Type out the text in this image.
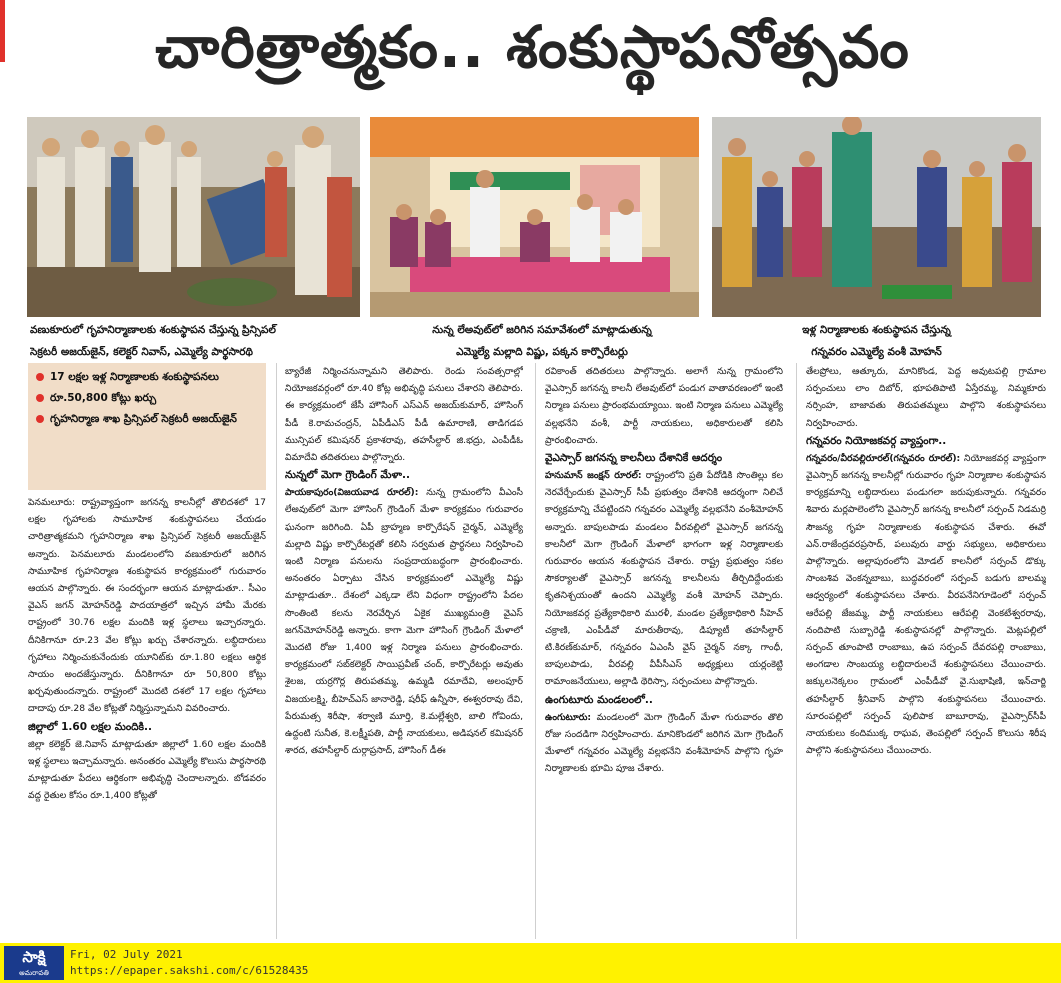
చారిత్రాత్మకం.. శంకుస్థాపనోత్సవం
వణుకూరులో గృహనిర్మాణాలకు శంకుస్థాపన చేస్తున్న ప్రిన్సిపల్
సెక్రటరీ అజయ్‌జైన్, కలెక్టర్ నివాస్, ఎమ్మెల్యే పార్థసారథి
నున్న లేఅవుట్‌లో జరిగిన సమావేశంలో మాట్లాడుతున్న
ఎమ్మెల్యే మల్లాది విష్ణు, పక్కన కార్పొరేటర్లు
ఇళ్ల నిర్మాణాలకు శంకుస్థాపన చేస్తున్న
గన్నవరం ఎమ్మెల్యే వంశీ మోహన్
17 లక్షల ఇళ్ల నిర్మాణాలకు శంకుస్థాపనలు
రూ.50,800 కోట్లు ఖర్చు
గృహనిర్మాణ శాఖ ప్రిన్సిపల్ సెక్రటరీ అజయ్‌జైన్

పెనమలూరు: రాష్ట్రవ్యాప్తంగా జగనన్న కాలనీల్లో తొలిదశలో 17 లక్షల గృహాలకు సామూహిక శంకుస్థాపనలు చేయడం చారిత్రాత్మకమని గృహనిర్మాణ శాఖ ప్రిన్సిపల్ సెక్రటరీ అజయ్‌జైన్ అన్నారు. పెనమలూరు మండలంలోని వణుకూరులో జరిగిన సామూహిక గృహనిర్మాణ శంకుస్థాపన కార్యక్రమంలో గురువారం ఆయన పాల్గొన్నారు. ఈ సందర్భంగా ఆయన మాట్లాడుతూ.. సీఎం వైఎస్ జగన్ మోహన్‌రెడ్డి పాదయాత్రలో ఇచ్చిన హామీ మేరకు రాష్ట్రంలో 30.76 లక్షల మందికి ఇళ్ల స్థలాలు ఇచ్చారన్నారు. దీనికిగానూ రూ.23 వేల కోట్లు ఖర్చు చేశారన్నారు. లబ్ధిదారులు గృహాలు నిర్మించుకునేందుకు యూనిట్‌కు రూ.1.80 లక్షలు ఆర్థిక సాయం అందజేస్తున్నారు. దీనికిగానూ రూ 50,800 కోట్లు ఖర్చవుతుందన్నారు. రాష్ట్రంలో మొదటి దశలో 17 లక్షల గృహాలు దాదాపు రూ.28 వేల కోట్లతో నిర్మిస్తున్నామని వివరించారు.

జిల్లాలో 1.60 లక్షల మందికి..

జిల్లా కలెక్టర్ జె.నివాస్ మాట్లాడుతూ జిల్లాలో 1.60 లక్షల మందికి ఇళ్ల స్థలాలు ఇచ్చామన్నారు. అనంతరం ఎమ్మెల్యే కొలుసు పార్థసారథి మాట్లాడుతూ పేదలు ఆర్థికంగా అభివృద్ధి చెందాలన్నారు. బోడవరం వద్ద రైతుల కోసం రూ.1,400 కోట్లతో

బ్యారేజీ నిర్మించనున్నామని తెలిపారు. రెండు సంవత్సరాల్లో నియోజకవర్గంలో రూ.40 కోట్ల అభివృద్ధి పనులు చేశారని తెలిపారు. ఈ కార్యక్రమంలో జేసీ హౌసింగ్ ఎస్ఎన్ అజయ్‌కుమార్, హౌసింగ్ పీడీ కె.రామచంద్రన్, ఏపీడీఎస్ పీడీ ఉమారాణి, తాడిగడప మున్సిపల్ కమిషనర్ ప్రకాశరావు, తహసీల్దార్ జి.భద్రు, ఎంపీడీఓ విమాదేవి తదితరులు పాల్గొన్నారు.

నున్నలో మెగా గ్రౌండింగ్ మేళా..

పాయకాపురం(విజయవాడ రూరల్): నున్న గ్రామంలోని వీఎంసీ లేఅవుట్‌లో మెగా హౌసింగ్ గ్రౌండింగ్ మేళా కార్యక్రమం గురువారం ఘనంగా జరిగింది. ఏపీ బ్రాహ్మణ కార్పొరేషన్ చైర్మన్, ఎమ్మెల్యే మల్లాది విష్ణు కార్పొరేటర్లతో కలిసి సర్వమత ప్రార్థనలు నిర్వహించి ఇంటి నిర్మాణ పనులను సంప్రదాయబద్ధంగా ప్రారంభించారు. అనంతరం ఏర్పాటు చేసిన కార్యక్రమంలో ఎమ్మెల్యే విష్ణు మాట్లాడుతూ.. దేశంలో ఎక్కడా లేని విధంగా రాష్ట్రంలోని పేదల సొంతింటి కలను నెరవేర్చిన ఏకైక ముఖ్యమంత్రి వైఎస్ జగన్‌మోహన్‌రెడ్డి అన్నారు. కాగా మెగా హౌసింగ్ గ్రౌండింగ్ మేళాలో మొదటి రోజు 1,400 ఇళ్ల నిర్మాణ పనులు ప్రారంభించారు. కార్యక్రమంలో సబ్‌కలెక్టర్ సాయిప్రవీణ్ చంద్, కార్పొరేటర్లు అవుతు శైలజ, యర్రగొర్ల తిరుపతమ్మ, ఉమ్మడి రమాదేవి, అలంపూర్ విజయలక్ష్మి, బీహెచ్ఎస్ జానారెడ్డి, షరీఫ్ ఉన్నీసా, ఈశ్వరరావు దేవి, పేరుమత్స శిరీషా, శర్వాణి మూర్తి, కె.మల్లేశ్వరి, బాలి గోవిందు, ఉద్దంటి సునీత, కె.లక్ష్మీపతి, పార్టీ నాయకులు, అడిషనల్ కమిషనర్ శారద, తహసీల్దార్ దుర్గాప్రసాద్, హౌసింగ్ డీఈ

రవికాంత్ తదితరులు పాల్గొన్నారు. అలాగే నున్న గ్రామంలోని వైఎస్సార్ జగనన్న కాలనీ లేఅవుట్‌లో పండుగ వాతావరణంలో ఇంటి నిర్మాణ పనులు ప్రారంభమయ్యాయి. ఇంటి నిర్మాణ పనులు ఎమ్మెల్యే వల్లభనేని వంశీ, పార్టీ నాయకులు, అధికారులతో కలిసి ప్రారంభించారు.

వైఎస్సార్ జగనన్న కాలనీలు దేశానికే ఆదర్శం

హనుమాన్ జంక్షన్ రూరల్: రాష్ట్రంలోని ప్రతి పేదోడికి సొంతిల్లు కల నెరవేర్చేందుకు వైఎస్సార్ సీపీ ప్రభుత్వం దేశానికి ఆదర్శంగా నిలిచే కార్యక్రమాన్ని చేపట్టిందని గన్నవరం ఎమ్మెల్యే వల్లభనేని వంశీమోహన్ అన్నారు. బాపులపాడు మండలం వీరవల్లిలో వైఎస్సార్ జగనన్న కాలనీలో మెగా గ్రౌండింగ్ మేళాలో భాగంగా ఇళ్ల నిర్మాణాలకు గురువారం ఆయన శంకుస్థాపన చేశారు. రాష్ట్ర ప్రభుత్వం సకల సౌకర్యాలతో వైఎస్సార్ జగనన్న కాలనీలను తీర్చిదిద్దేందుకు కృతనిశ్చయంతో ఉందని ఎమ్మెల్యే వంశీ మోహన్ చెప్పారు. నియోజకవర్గ ప్రత్యేకాధికారి మురళీ, మండల ప్రత్యేకాధికారి సీహెచ్ చక్రాణి, ఎంపీడీవో మారుతీరావు, డిప్యూటీ తహసీల్దార్ టి.కిరణ్‌కుమార్, గన్నవరం ఏఎంసీ వైస్ చైర్మన్ నక్కా గాంధీ, బాపులపాడు, వీరవల్లి వీపీసీఎస్ అధ్యక్షులు యర్లంకెట్టి రామాంజనేయులు, అల్లాడి థెరిస్సా, సర్పంచులు పాల్గొన్నారు.

ఉంగుటూరు మండలంలో..

ఉంగుటూరు: మండలంలో మెగా గ్రౌండింగ్ మేళా గురువారం తొలి రోజు సందడిగా నిర్వహించారు. మానికొండలో జరిగిన మెగా గ్రౌండింగ్ మేళాలో గన్నవరం ఎమ్మెల్యే వల్లభనేని వంశీమోహన్ పాల్గొని గృహ నిర్మాణాలకు భూమి పూజ చేశారు.

తేలప్రోలు, ఆత్కూరు, మానికొండ, పెద్ద అవుటపల్లి గ్రామాల సర్పంచులు లాం దిబోర్, భూపతిపాటి ఏస్తేరమ్మ, నిమ్మకూరు నర్సింహ, బాజావతు తిరుపతమ్మలు పాల్గొని శంకుస్థాపనలు నిర్వహించారు.

గన్నవరం నియోజకవర్గ వ్యాప్తంగా..

గన్నవరం/వీరవల్లిరూరల్(గన్నవరం రూరల్): నియోజకవర్గ వ్యాప్తంగా వైఎస్సార్ జగనన్న కాలనీల్లో గురువారం గృహ నిర్మాణాల శంకుస్థాపన కార్యక్రమాన్ని లబ్ధిదారులు పండుగలా జరుపుకున్నారు. గన్నవరం శివారు మర్లపాలెంలోని వైఎస్సార్ జగనన్న కాలనీలో సర్పంచ్ నిడమర్రి సౌజన్య గృహ నిర్మాణాలకు శంకుస్థాపన చేశారు. ఈవో ఎన్.రాజేంద్రవరప్రసాద్, పలువురు వార్డు సభ్యులు, అధికారులు పాల్గొన్నారు. అల్లాపురంలోని మోడల్ కాలనీలో సర్పంచ్ డొక్కు సాంబశివ వెంకన్నబాబు, బుద్ధవరంలో సర్పంచ్ బడుగు బాలమ్మ ఆధ్వర్యంలో శంకుస్థాపనలు చేశారు. వీరపనేనిగూడెంలో సర్పంచ్ ఆరేపల్లి జేజమ్మ, పార్టీ నాయకులు ఆరేపల్లి వెంకటేశ్వరరావు, నందిపాటి సుబ్బారెడ్డి శంకుస్థాపనల్లో పాల్గొన్నారు. మెట్లపల్లిలో సర్పంచ్ తూంపాటి రాంబాబు, ఉప సర్పంచ్ దేవరపల్లి రాంబాబు, అంగడాల సాంబయ్య లబ్ధిదారులచే శంకుస్థాపనలు చేయించారు. జక్కులనెక్కలం గ్రామంలో ఎంపీడీవో వై.సుభాషిణి, ఇన్‌చార్జి తహసీల్దార్ శ్రీనివాస్ పాల్గొని శంకుస్థాపనలు చేయించారు. సూరంపల్లిలో సర్పంచ్ పులిపాక బాబూరావు, వైఎస్సార్‌సీపీ నాయకులు కందిముక్క రాఘవ, తెంపల్లిలో సర్పంచ్ కొలుసు శిరీష పాల్గొని శంకుస్థాపనలు చేయించారు.

సాక్షి
అమరావతి
Fri, 02 July 2021
https://epaper.sakshi.com/c/61528435
